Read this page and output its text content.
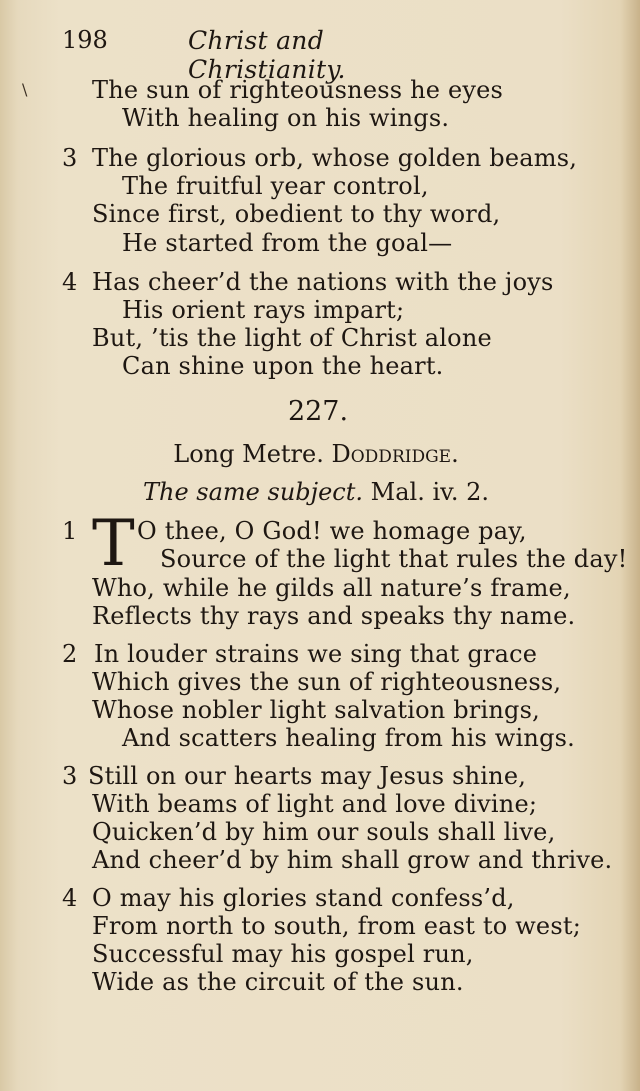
198	Christ and Christianity.
\	The sun of righteousness he eyes
With healing on his wings.
3 The glorious orb, whose golden beams,
The fruitful year control,
Since first, obedient to thy word,
He started from the goal—
4 Has cheer’d the nations with the joys
His orient rays impart;
But, ’tis the light of Christ alone
Can shine upon the heart.
227.
Long Metre. Doddridge.
The same subject. Mal. iv. 2.
1 T O thee, O God! we homage pay,
Source of the light that rules the day!
Who, while he gilds all nature’s frame,
Reflects thy rays and speaks thy name.
2 In louder strains we sing that grace
Which gives the sun of righteousness,
Whose nobler light salvation brings,
And scatters healing from his wings.
3 Still on our hearts may Jesus shine,
With beams of light and love divine;
Quicken’d by him our souls shall live,
And cheer’d by him shall grow and thrive.
4 O may his glories stand confess’d,
From north to south, from east to west;
Successful may his gospel run,
Wide as the circuit of the sun.
